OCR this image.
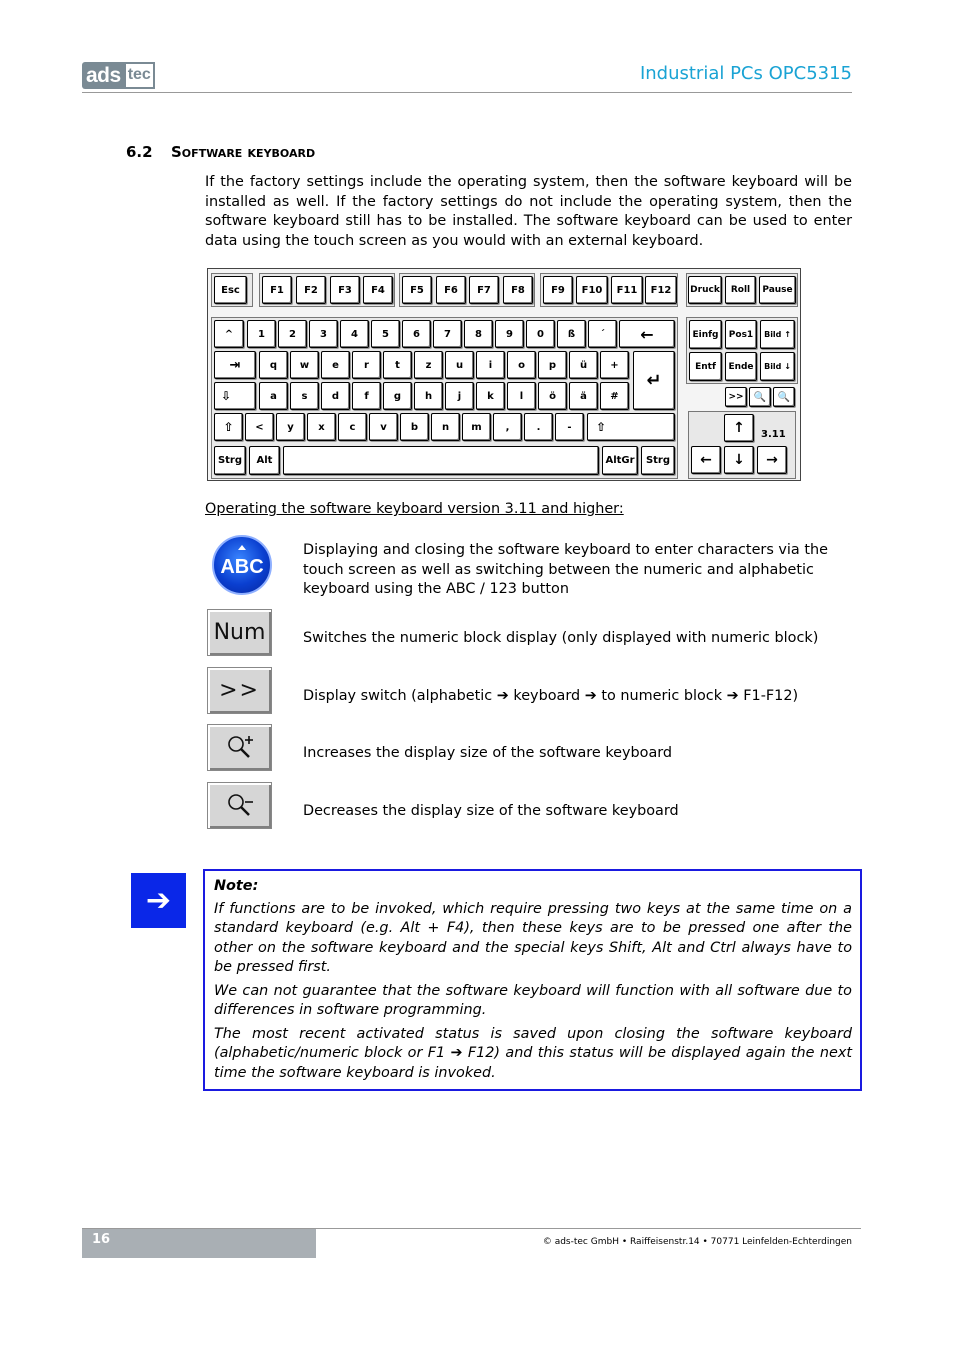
ads tec	Industrial PCs OPC5315
6.2 Software keyboard
If the factory settings include the operating system, then the software keyboard will be installed as well. If the factory settings do not include the operating system, then the software keyboard still has to be installed. The software keyboard can be used to enter data using the touch screen as you would with an external keyboard.
Esc	F1	F2	F3	F4	F5	F6	F7	F8	F9	F10	F11	F12	Druck	Roll	Pause
^	1	2	3	4	5	6	7	8	9	0	ß	´	←
⇥	q	w	e	r	t	z	u	i	o	p	ü	+
↵
⇩	a	s	d	f	g	h	j	k	l	ö	ä	#
⇧	<	y	x	c	v	b	n	m	,	.	-	⇧
Strg	Alt	AltGr	Strg
Einfg	Pos1	Bild ↑
Entf	Ende	Bild ↓
>>	🔍	🔍
↑	3.11
←	↓	→
Operating the software keyboard version 3.11 and higher:
ABC
Displaying and closing the software keyboard to enter characters via the touch screen as well as switching between the numeric and alphabetic keyboard using the ABC / 123 button
Num	Switches the numeric block display (only displayed with numeric block)
>>	Display switch (alphabetic ➔ keyboard ➔ to numeric block ➔ F1-F12)
Increases the display size of the software keyboard
Decreases the display size of the software keyboard
➔	Note:

If functions are to be invoked, which require pressing two keys at the same time on a standard keyboard (e.g. Alt + F4), then these keys are to be pressed one after the other on the software keyboard and the special keys Shift, Alt and Ctrl always have to be pressed first.

We can not guarantee that the software keyboard will function with all software due to differences in software programming.

The most recent activated status is saved upon closing the software keyboard (alphabetic/numeric block or F1 ➔ F12) and this status will be displayed again the next time the software keyboard is invoked.

16	© ads-tec GmbH • Raiffeisenstr.14 • 70771 Leinfelden-Echterdingen
